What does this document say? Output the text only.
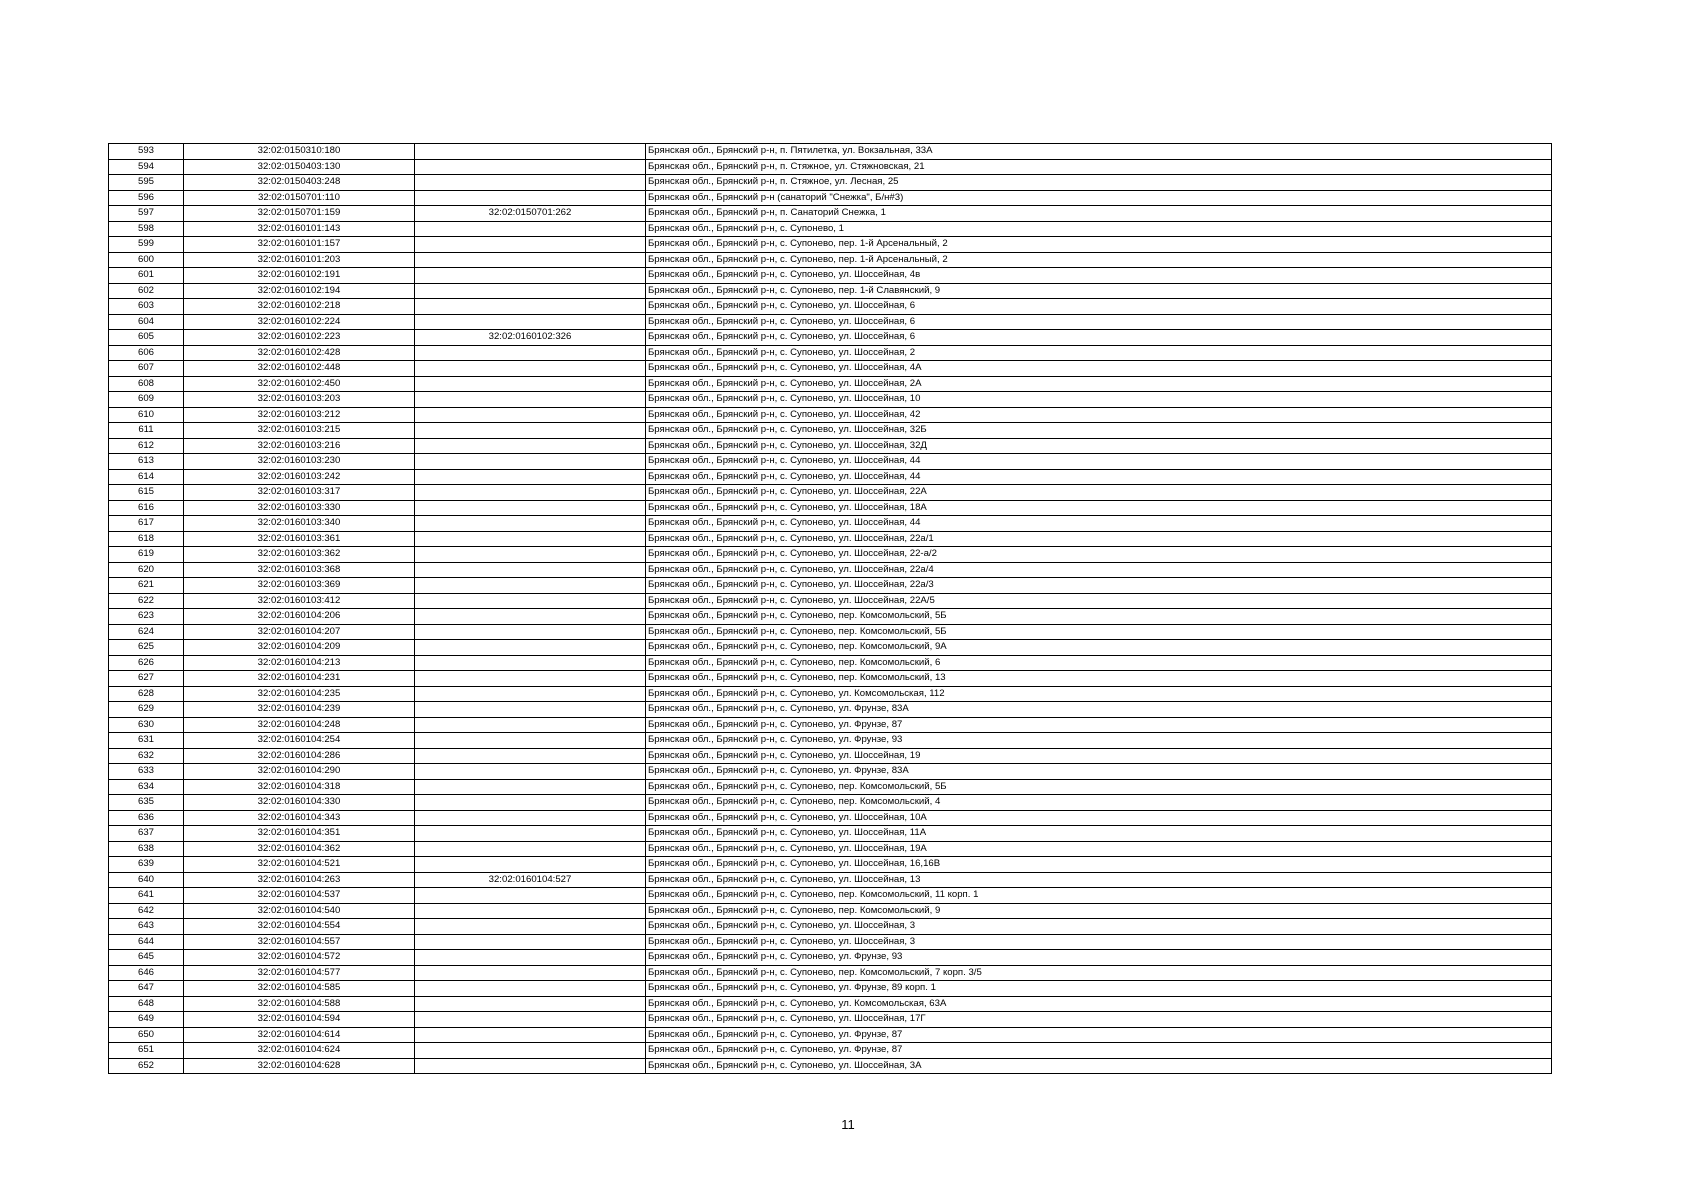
593	32:02:0150310:180		Брянская обл., Брянский р-н, п. Пятилетка, ул. Вокзальная, 33А
594	32:02:0150403:130		Брянская обл., Брянский р-н, п. Стяжное, ул. Стяжновская, 21
595	32:02:0150403:248		Брянская обл., Брянский р-н, п. Стяжное, ул. Лесная, 25
596	32:02:0150701:110		Брянская обл., Брянский р-н (санаторий "Снежка", Б/н#3)
597	32:02:0150701:159	32:02:0150701:262	Брянская обл., Брянский р-н, п. Санаторий Снежка, 1
598	32:02:0160101:143		Брянская обл., Брянский р-н, с. Супонево, 1
599	32:02:0160101:157		Брянская обл., Брянский р-н, с. Супонево, пер. 1-й Арсенальный, 2
600	32:02:0160101:203		Брянская обл., Брянский р-н, с. Супонево, пер. 1-й Арсенальный, 2
601	32:02:0160102:191		Брянская обл., Брянский р-н, с. Супонево, ул. Шоссейная, 4в
602	32:02:0160102:194		Брянская обл., Брянский р-н, с. Супонево, пер. 1-й Славянский, 9
603	32:02:0160102:218		Брянская обл., Брянский р-н, с. Супонево, ул. Шоссейная, 6
604	32:02:0160102:224		Брянская обл., Брянский р-н, с. Супонево, ул. Шоссейная, 6
605	32:02:0160102:223	32:02:0160102:326	Брянская обл., Брянский р-н, с. Супонево, ул. Шоссейная, 6
606	32:02:0160102:428		Брянская обл., Брянский р-н, с. Супонево, ул. Шоссейная, 2
607	32:02:0160102:448		Брянская обл., Брянский р-н, с. Супонево, ул. Шоссейная, 4А
608	32:02:0160102:450		Брянская обл., Брянский р-н, с. Супонево, ул. Шоссейная, 2А
609	32:02:0160103:203		Брянская обл., Брянский р-н, с. Супонево, ул. Шоссейная, 10
610	32:02:0160103:212		Брянская обл., Брянский р-н, с. Супонево, ул. Шоссейная, 42
611	32:02:0160103:215		Брянская обл., Брянский р-н, с. Супонево, ул. Шоссейная, 32Б
612	32:02:0160103:216		Брянская обл., Брянский р-н, с. Супонево, ул. Шоссейная, 32Д
613	32:02:0160103:230		Брянская обл., Брянский р-н, с. Супонево, ул. Шоссейная, 44
614	32:02:0160103:242		Брянская обл., Брянский р-н, с. Супонево, ул. Шоссейная, 44
615	32:02:0160103:317		Брянская обл., Брянский р-н, с. Супонево, ул. Шоссейная, 22А
616	32:02:0160103:330		Брянская обл., Брянский р-н, с. Супонево, ул. Шоссейная, 18А
617	32:02:0160103:340		Брянская обл., Брянский р-н, с. Супонево, ул. Шоссейная, 44
618	32:02:0160103:361		Брянская обл., Брянский р-н, с. Супонево, ул. Шоссейная, 22а/1
619	32:02:0160103:362		Брянская обл., Брянский р-н, с. Супонево, ул. Шоссейная, 22-а/2
620	32:02:0160103:368		Брянская обл., Брянский р-н, с. Супонево, ул. Шоссейная, 22а/4
621	32:02:0160103:369		Брянская обл., Брянский р-н, с. Супонево, ул. Шоссейная, 22а/3
622	32:02:0160103:412		Брянская обл., Брянский р-н, с. Супонево, ул. Шоссейная, 22А/5
623	32:02:0160104:206		Брянская обл., Брянский р-н, с. Супонево, пер. Комсомольский, 5Б
624	32:02:0160104:207		Брянская обл., Брянский р-н, с. Супонево, пер. Комсомольский, 5Б
625	32:02:0160104:209		Брянская обл., Брянский р-н, с. Супонево, пер. Комсомольский, 9А
626	32:02:0160104:213		Брянская обл., Брянский р-н, с. Супонево, пер. Комсомольский, 6
627	32:02:0160104:231		Брянская обл., Брянский р-н, с. Супонево, пер. Комсомольский, 13
628	32:02:0160104:235		Брянская обл., Брянский р-н, с. Супонево, ул. Комсомольская, 112
629	32:02:0160104:239		Брянская обл., Брянский р-н, с. Супонево, ул. Фрунзе, 83А
630	32:02:0160104:248		Брянская обл., Брянский р-н, с. Супонево, ул. Фрунзе, 87
631	32:02:0160104:254		Брянская обл., Брянский р-н, с. Супонево, ул. Фрунзе, 93
632	32:02:0160104:286		Брянская обл., Брянский р-н, с. Супонево, ул. Шоссейная, 19
633	32:02:0160104:290		Брянская обл., Брянский р-н, с. Супонево, ул. Фрунзе, 83А
634	32:02:0160104:318		Брянская обл., Брянский р-н, с. Супонево, пер. Комсомольский, 5Б
635	32:02:0160104:330		Брянская обл., Брянский р-н, с. Супонево, пер. Комсомольский, 4
636	32:02:0160104:343		Брянская обл., Брянский р-н, с. Супонево, ул. Шоссейная, 10А
637	32:02:0160104:351		Брянская обл., Брянский р-н, с. Супонево, ул. Шоссейная, 11А
638	32:02:0160104:362		Брянская обл., Брянский р-н, с. Супонево, ул. Шоссейная, 19А
639	32:02:0160104:521		Брянская обл., Брянский р-н, с. Супонево, ул. Шоссейная, 16,16В
640	32:02:0160104:263	32:02:0160104:527	Брянская обл., Брянский р-н, с. Супонево, ул. Шоссейная, 13
641	32:02:0160104:537		Брянская обл., Брянский р-н, с. Супонево, пер. Комсомольский, 11 корп. 1
642	32:02:0160104:540		Брянская обл., Брянский р-н, с. Супонево, пер. Комсомольский, 9
643	32:02:0160104:554		Брянская обл., Брянский р-н, с. Супонево, ул. Шоссейная, 3
644	32:02:0160104:557		Брянская обл., Брянский р-н, с. Супонево, ул. Шоссейная, 3
645	32:02:0160104:572		Брянская обл., Брянский р-н, с. Супонево, ул. Фрунзе, 93
646	32:02:0160104:577		Брянская обл., Брянский р-н, с. Супонево, пер. Комсомольский, 7 корп. 3/5
647	32:02:0160104:585		Брянская обл., Брянский р-н, с. Супонево, ул. Фрунзе, 89 корп. 1
648	32:02:0160104:588		Брянская обл., Брянский р-н, с. Супонево, ул. Комсомольская, 63А
649	32:02:0160104:594		Брянская обл., Брянский р-н, с. Супонево, ул. Шоссейная, 17Г
650	32:02:0160104:614		Брянская обл., Брянский р-н, с. Супонево, ул. Фрунзе, 87
651	32:02:0160104:624		Брянская обл., Брянский р-н, с. Супонево, ул. Фрунзе, 87
652	32:02:0160104:628		Брянская обл., Брянский р-н, с. Супонево, ул. Шоссейная, 3А
11
